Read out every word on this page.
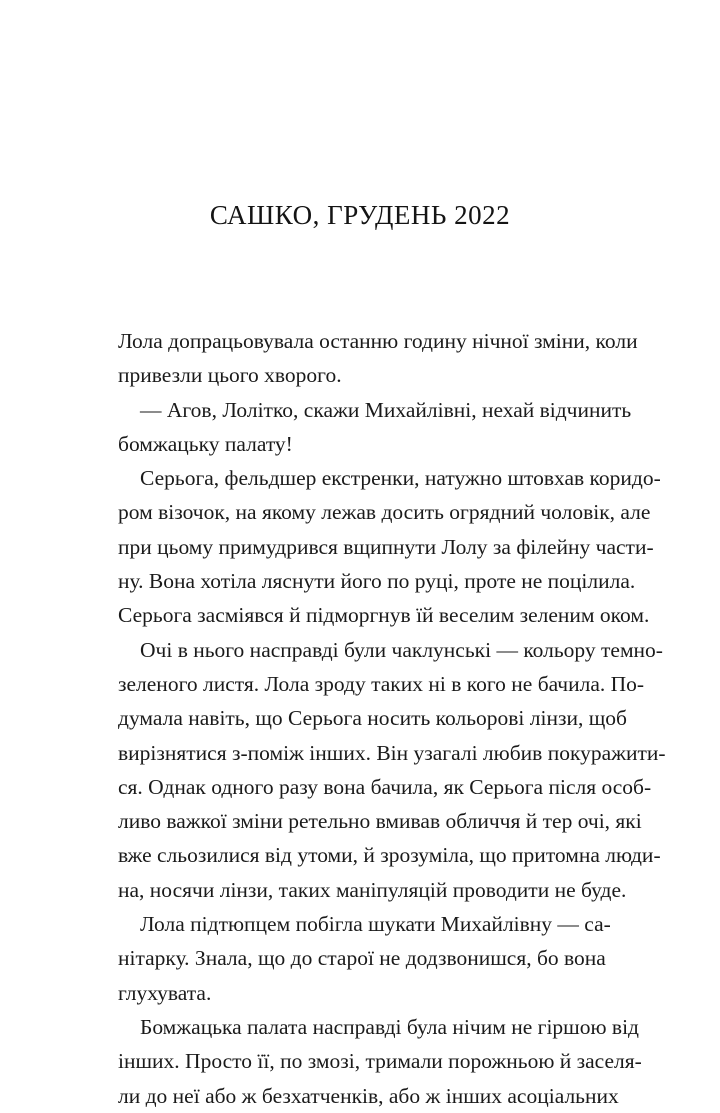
САШКО, ГРУДЕНЬ 2022
Лола допрацьовувала останню годину нічної зміни, коли
привезли цього хворого.
— Агов, Лолітко, скажи Михайлівні, нехай відчинить
бомжацьку палату!
Серьога, фельдшер екстренки, натужно штовхав коридо-
ром візочок, на якому лежав досить огрядний чоловік, але
при цьому примудрився вщипнути Лолу за філейну части-
ну. Вона хотіла ляснути його по руці, проте не поцілила.
Серьога засміявся й підморгнув їй веселим зеленим оком.
Очі в нього насправді були чаклунські — кольору темно-
зеленого листя. Лола зроду таких ні в кого не бачила. По-
думала навіть, що Серьога носить кольорові лінзи, щоб
вирізнятися з-поміж інших. Він узагалі любив покуражити-
ся. Однак одного разу вона бачила, як Серьога після особ-
ливо важкої зміни ретельно вмивав обличчя й тер очі, які
вже сльозилися від утоми, й зрозуміла, що притомна люди-
на, носячи лінзи, таких маніпуляцій проводити не буде.
Лола підтюпцем побігла шукати Михайлівну — са-
нітарку. Знала, що до старої не додзвонишся, бо вона
глухувата.
Бомжацька палата насправді була нічим не гіршою від
інших. Просто її, по змозі, тримали порожньою й заселя-
ли до неї або ж безхатченків, або ж інших асоціальних
